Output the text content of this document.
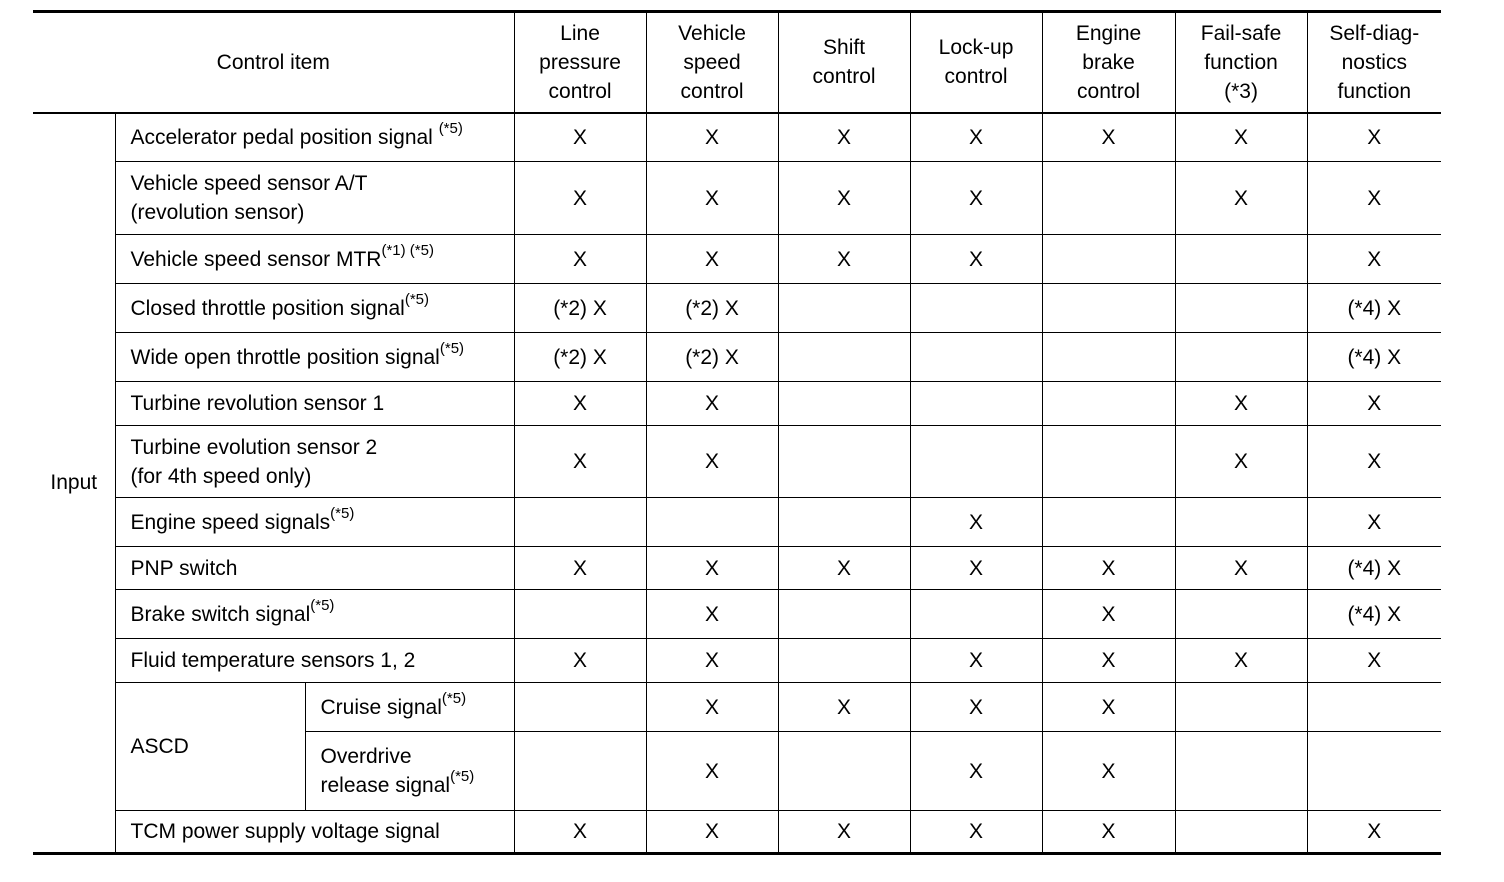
Control item			Line
pressure
control	Vehicle
speed
control	Shift
control	Lock-up
control	Engine
brake
control	Fail-safe
function
(*3)	Self-diag-
nostics
function

Input	Accelerator pedal position signal $^{(*5)}$		X	X	X	X	X	X	X
	Vehicle speed sensor A/T
(revolution sensor)		X	X	X	X		X	X
	Vehicle speed sensor $MTR^{(*1) (*5)}$		X	X	X	X			X
	Closed throttle position signal$^{(*5)}$		(*2) X	(*2) X					(*4) X
	Wide open throttle position signal$^{(*5)}$		(*2) X	(*2) X					(*4) X
	Turbine revolution sensor 1		X	X				X	X
	Turbine evolution sensor 2
(for 4th speed only)		X	X				X	X
	Engine speed signals$^{(*5)}$					X			X
	PNP switch		X	X	X	X	X	X	(*4) X
	Brake switch signal$^{(*5)}$			X			X		(*4) X
	Fluid temperature sensors 1, 2		X	X		X	X	X	X
	ASCD	Cruise signal$^{(*5)}$		X	X	X	X		
		Overdrive
release signal$^{(*5)}$		X		X	X		
	TCM power supply voltage signal		X	X	X	X	X		X
